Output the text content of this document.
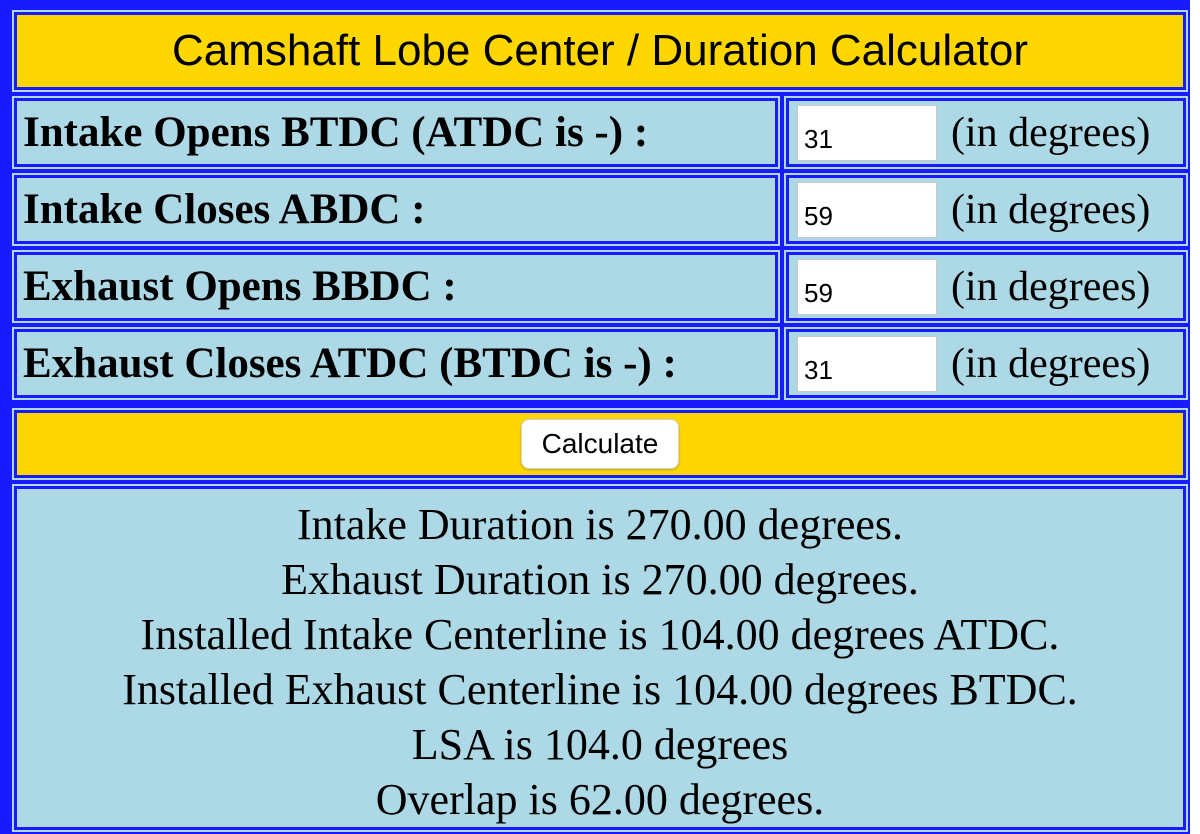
Camshaft Lobe Center / Duration Calculator
Intake Opens BTDC (ATDC is -) :
31	(in degrees)
Intake Closes ABDC :
59	(in degrees)
Exhaust Opens BBDC :
59	(in degrees)
Exhaust Closes ATDC (BTDC is -) :
31	(in degrees)
Calculate
Intake Duration is 270.00 degrees.
Exhaust Duration is 270.00 degrees.
Installed Intake Centerline is 104.00 degrees ATDC.
Installed Exhaust Centerline is 104.00 degrees BTDC.
LSA is 104.0 degrees
Overlap is 62.00 degrees.
